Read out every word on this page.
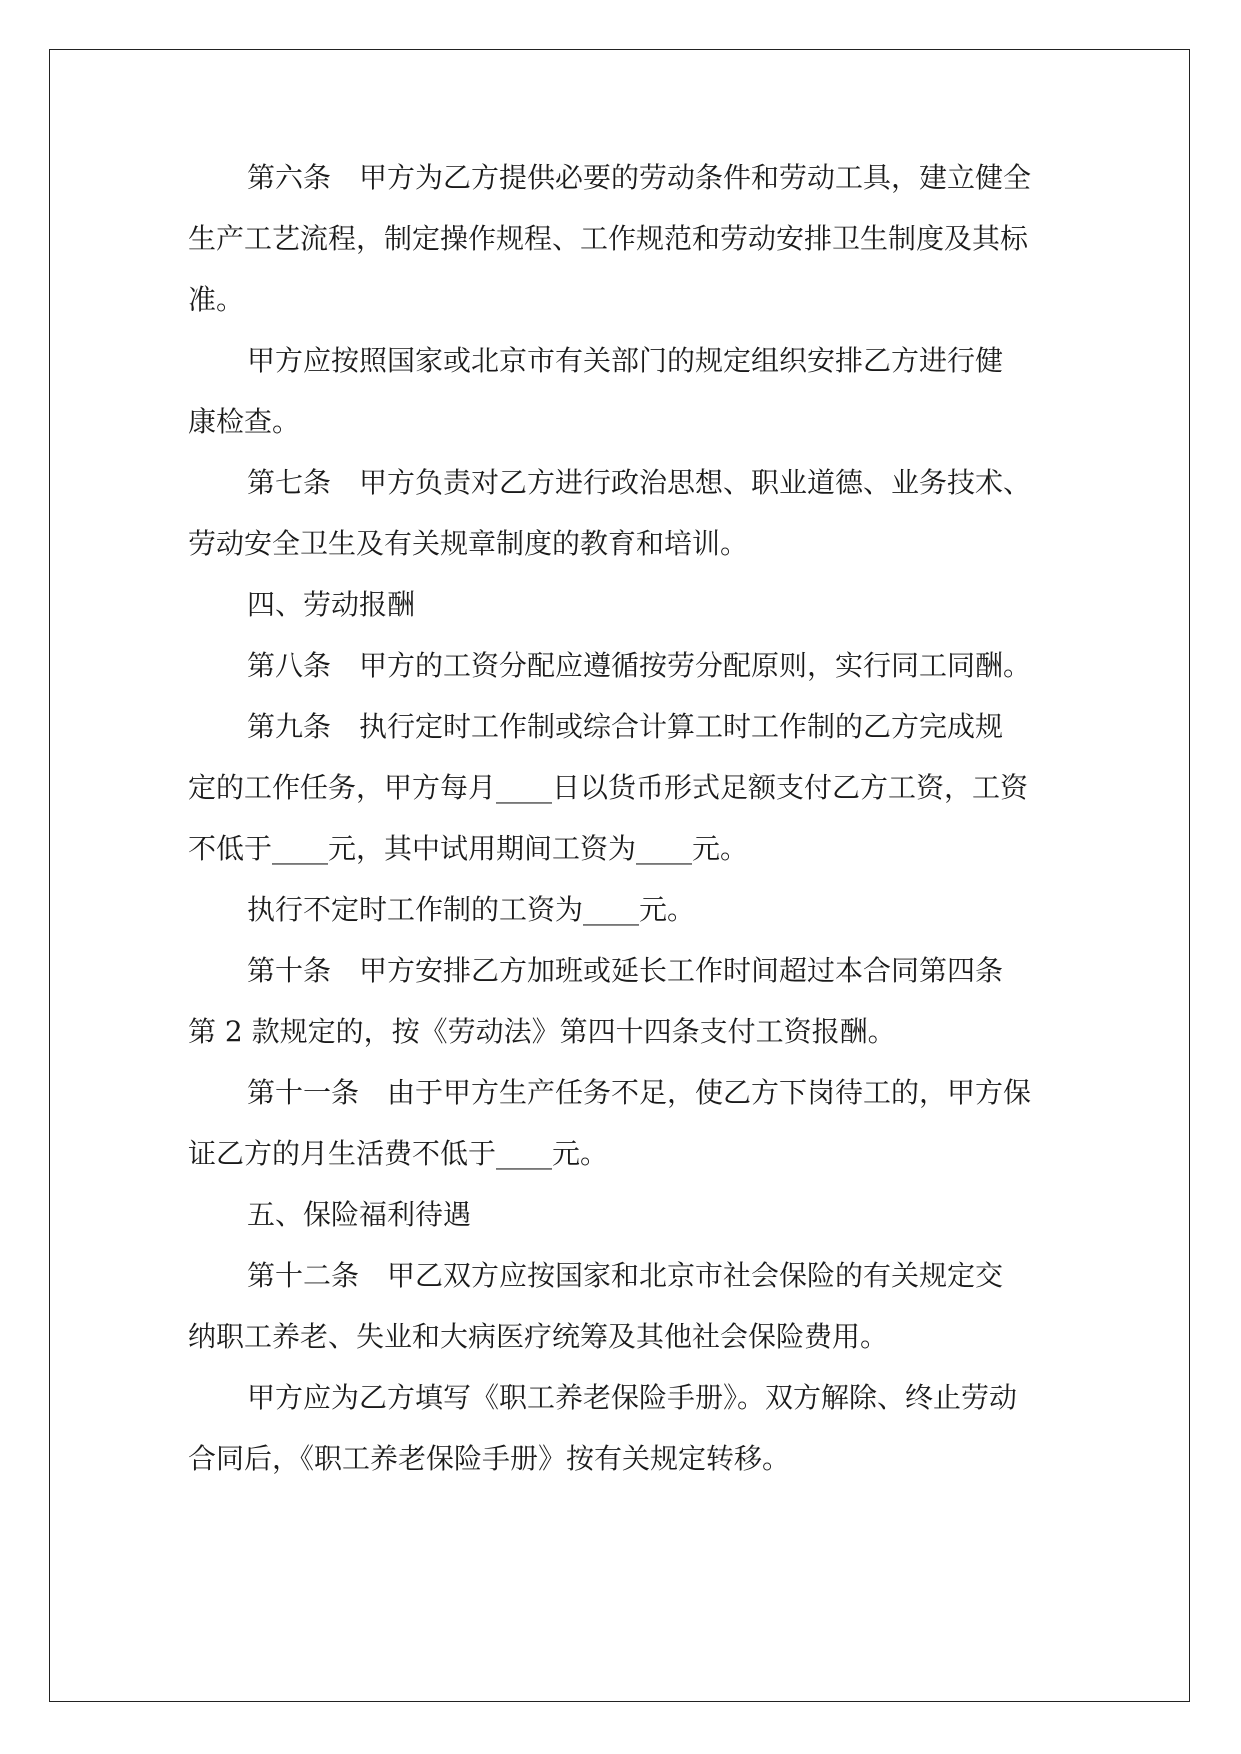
第六条　甲方为乙方提供必要的劳动条件和劳动工具，建立健全
生产工艺流程，制定操作规程、工作规范和劳动安排卫生制度及其标
准。
甲方应按照国家或北京市有关部门的规定组织安排乙方进行健
康检查。
第七条　甲方负责对乙方进行政治思想、职业道德、业务技术、
劳动安全卫生及有关规章制度的教育和培训。
四、劳动报酬
第八条　甲方的工资分配应遵循按劳分配原则，实行同工同酬。
第九条　执行定时工作制或综合计算工时工作制的乙方完成规
定的工作任务，甲方每月____日以货币形式足额支付乙方工资，工资
不低于____元，其中试用期间工资为____元。
执行不定时工作制的工资为____元。
第十条　甲方安排乙方加班或延长工作时间超过本合同第四条
第 2 款规定的，按《劳动法》第四十四条支付工资报酬。
第十一条　由于甲方生产任务不足，使乙方下岗待工的，甲方保
证乙方的月生活费不低于____元。
五、保险福利待遇
第十二条　甲乙双方应按国家和北京市社会保险的有关规定交
纳职工养老、失业和大病医疗统筹及其他社会保险费用。
甲方应为乙方填写《职工养老保险手册》。双方解除、终止劳动
合同后，《职工养老保险手册》按有关规定转移。
